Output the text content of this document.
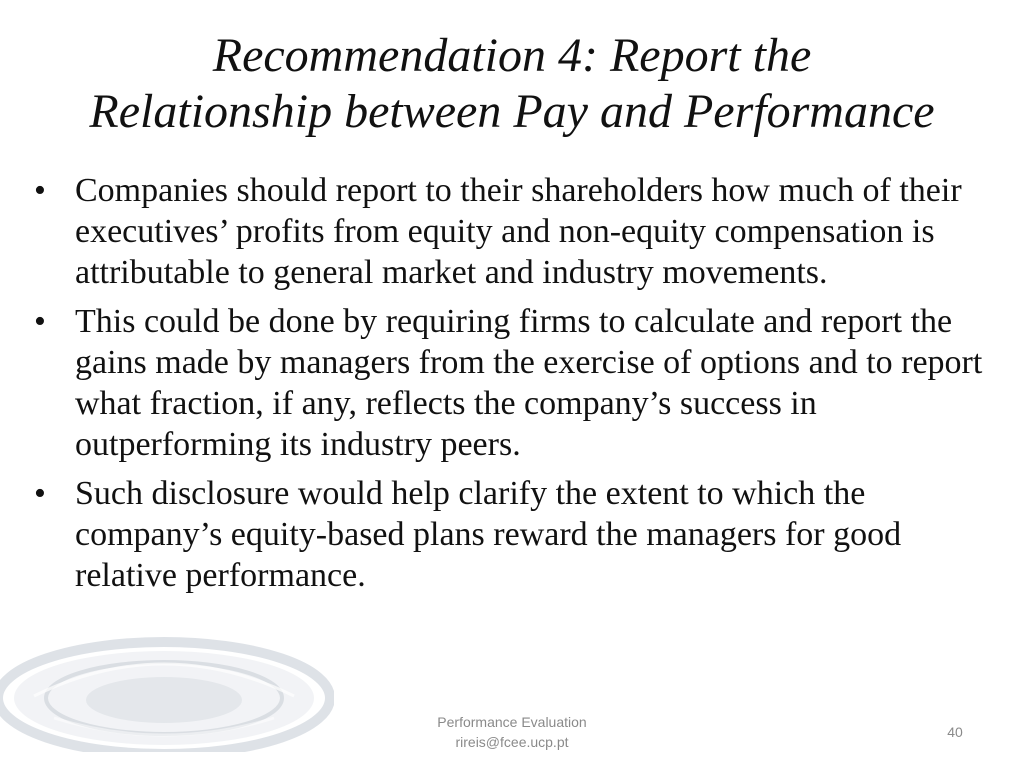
Recommendation 4: Report the
Relationship between Pay and Performance
• Companies should report to their shareholders how much of their executives’ profits from equity and non-equity compensation is attributable to general market and industry movements.
• This could be done by requiring firms to calculate and report the gains made by managers from the exercise of options and to report what fraction, if any, reflects the company’s success in outperforming its industry peers.
• Such disclosure would help clarify the extent to which the company’s equity-based plans reward the managers for good relative performance.
Performance Evaluation
rireis@fcee.ucp.pt
40
